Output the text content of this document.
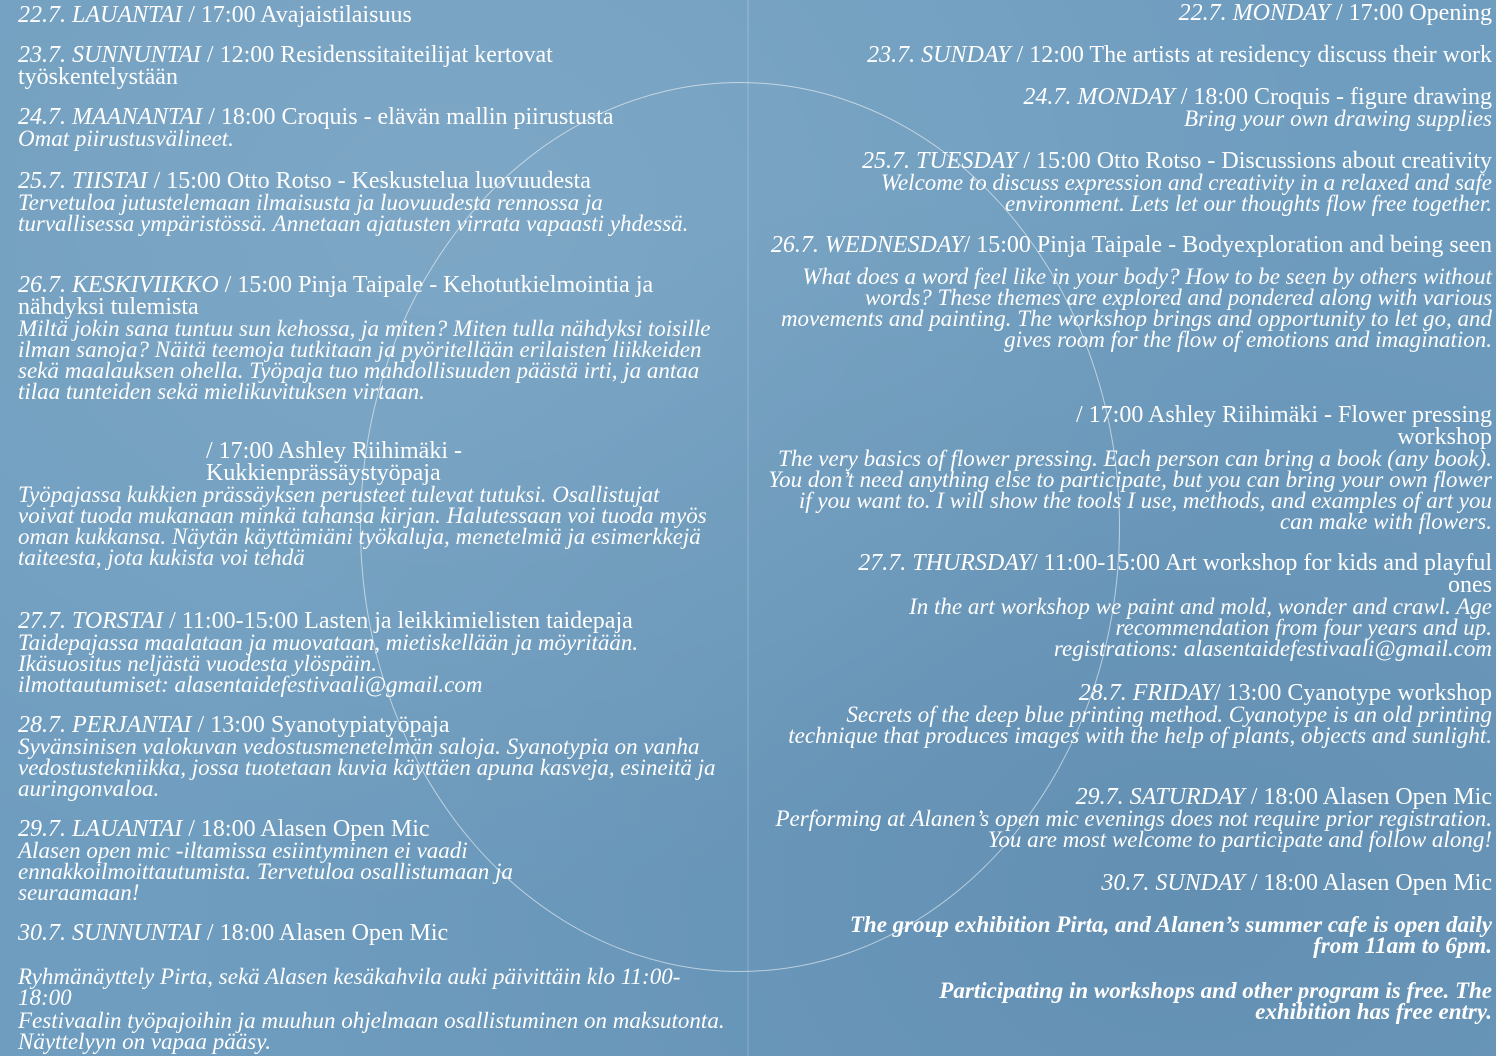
22.7. LAUANTAI / 17:00 Avajaistilaisuus
23.7. SUNNUNTAI / 12:00 Residenssitaiteilijat kertovat työskentelystään
24.7. MAANANTAI / 18:00 Croquis - elävän mallin piirustusta
Omat piirustusvälineet.
25.7. TIISTAI / 15:00 Otto Rotso - Keskustelua luovuudesta
Tervetuloa jutustelemaan ilmaisusta ja luovuudesta rennossa ja turvallisessa ympäristössä. Annetaan ajatusten virrata vapaasti yhdessä.
26.7. KESKIVIIKKO / 15:00 Pinja Taipale - Kehotutkielmointia ja nähdyksi tulemista
Miltä jokin sana tuntuu sun kehossa, ja miten? Miten tulla nähdyksi toisille ilman sanoja? Näitä teemoja tutkitaan ja pyöritellään erilaisten liikkeiden sekä maalauksen ohella. Työpaja tuo mahdollisuuden päästä irti, ja antaa tilaa tunteiden sekä mielikuvituksen virtaan.
/ 17:00 Ashley Riihimäki - Kukkienprässäystyöpaja
Työpajassa kukkien prässäyksen perusteet tulevat tutuksi. Osallistujat voivat tuoda mukanaan minkä tahansa kirjan. Halutessaan voi tuoda myös oman kukkansa. Näytän käyttämiäni työkaluja, menetelmiä ja esimerkkejä taiteesta, jota kukista voi tehdä
27.7. TORSTAI / 11:00-15:00 Lasten ja leikkimielisten taidepaja
Taidepajassa maalataan ja muovataan, mietiskellään ja möyritään. Ikäsuositus neljästä vuodesta ylöspäin.
ilmottautumiset: alasentaidefestivaali@gmail.com
28.7. PERJANTAI / 13:00 Syanotypiatyöpaja
Syvänsinisen valokuvan vedostusmenetelmän saloja. Syanotypia on vanha vedostustekniikka, jossa tuotetaan kuvia käyttäen apuna kasveja, esineitä ja auringonvaloa.
29.7. LAUANTAI / 18:00 Alasen Open Mic
Alasen open mic -iltamissa esiintyminen ei vaadi ennakkoilmoittautumista. Tervetuloa osallistumaan ja seuraamaan!
30.7. SUNNUNTAI / 18:00 Alasen Open Mic
Ryhmänäyttely Pirta, sekä Alasen kesäkahvila auki päivittäin klo 11:00-18:00
Festivaalin työpajoihin ja muuhun ohjelmaan osallistuminen on maksutonta. Näyttelyyn on vapaa pääsy.
22.7. MONDAY / 17:00 Opening
23.7. SUNDAY / 12:00 The artists at residency discuss their work
24.7. MONDAY / 18:00 Croquis - figure drawing
Bring your own drawing supplies
25.7. TUESDAY / 15:00 Otto Rotso - Discussions about creativity
Welcome to discuss expression and creativity in a relaxed and safe environment. Lets let our thoughts flow free together.
26.7. WEDNESDAY/ 15:00 Pinja Taipale - Bodyexploration and being seen
What does a word feel like in your body? How to be seen by others without words? These themes are explored and pondered along with various movements and painting. The workshop brings and opportunity to let go, and gives room for the flow of emotions and imagination.
/ 17:00 Ashley Riihimäki - Flower pressing workshop
The very basics of flower pressing. Each person can bring a book (any book). You don’t need anything else to participate, but you can bring your own flower if you want to. I will show the tools I use, methods, and examples of art you can make with flowers.
27.7. THURSDAY/ 11:00-15:00 Art workshop for kids and playful ones
In the art workshop we paint and mold, wonder and crawl. Age recommendation from four years and up.
registrations: alasentaidefestivaali@gmail.com
28.7. FRIDAY/ 13:00 Cyanotype workshop
Secrets of the deep blue printing method. Cyanotype is an old printing technique that produces images with the help of plants, objects and sunlight.
29.7. SATURDAY / 18:00 Alasen Open Mic
Performing at Alanen’s open mic evenings does not require prior registration. You are most welcome to participate and follow along!
30.7. SUNDAY / 18:00 Alasen Open Mic
The group exhibition Pirta, and Alanen’s summer cafe is open daily from 11am to 6pm.
Participating in workshops and other program is free. The exhibition has free entry.
